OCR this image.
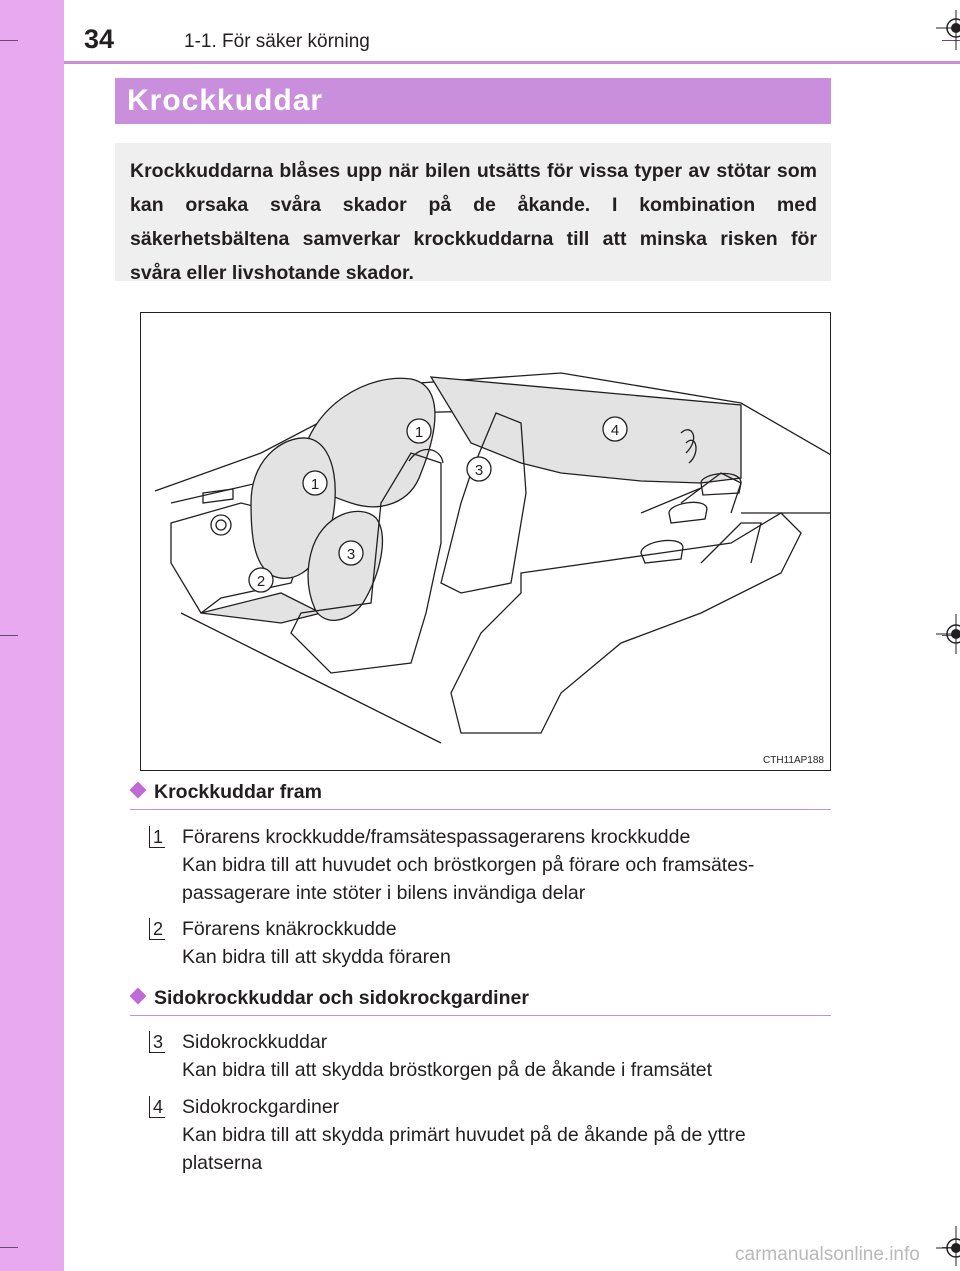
34	1-1. För säker körning
Krockkuddar

Krockkuddarna blåses upp när bilen utsätts för vissa typer av stötar som kan orsaka svåra skador på de åkande. I kombination med säkerhetsbältena samverkar krockkuddarna till att minska risken för svåra eller livshotande skador.

1
1
2
3
3
4
CTH11AP188
Krockkuddar fram
1 Förarens krockkudde/framsätespassagerarens krockkudde
Kan bidra till att huvudet och bröstkorgen på förare och framsätes-
passagerare inte stöter i bilens invändiga delar
2 Förarens knäkrockkudde
Kan bidra till att skydda föraren
Sidokrockkuddar och sidokrockgardiner
3 Sidokrockkuddar
Kan bidra till att skydda bröstkorgen på de åkande i framsätet
4 Sidokrockgardiner
Kan bidra till att skydda primärt huvudet på de åkande på de yttre
platserna
carmanualsonline.info
